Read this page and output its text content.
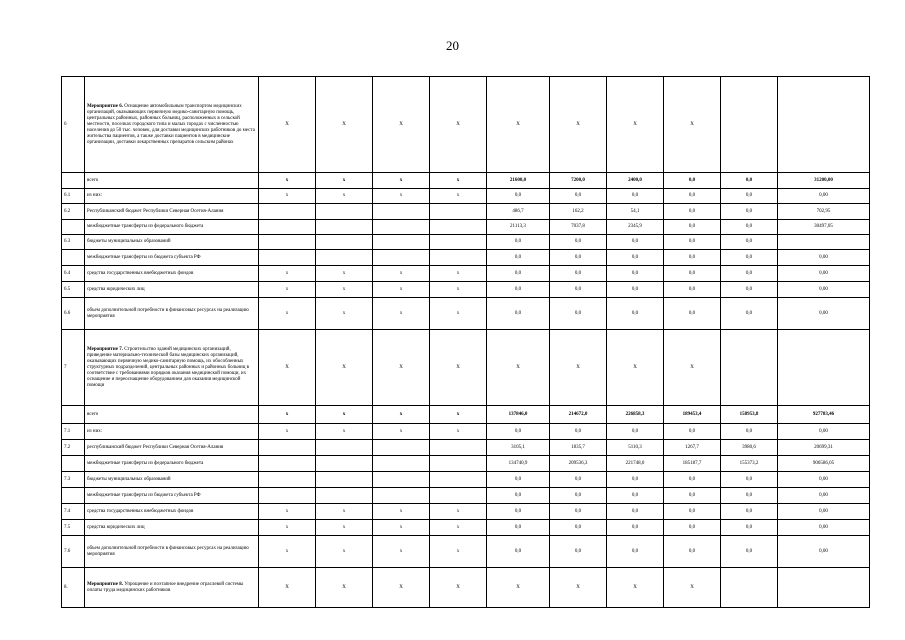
20
6	Мероприятие 6. Оснащение автомобильным транспортом медицинских организаций, оказывающих первичную медико-санитарную помощь, центральных районных, районных больниц, расположенных в сельской местности, поселках городского типа и малых городах с численностью населения до 50 тыс. человек, для доставки медицинских работников до места жительства пациентов, а также доставки пациентов в медицинские организации, доставки лекарственных препаратов сельским районах	X	X	X	X	X	X	X	X		
	всего	х	х	х	х	21600,0	7200,0	2400,0	0,0	0,0	31200,00
6.1	из них:	х	х	х	х	0,0	0,0	0,0	0,0	0,0	0,00
6.2	Республиканский бюджет Республики Северная Осетия-Алания					486,7	162,2	54,1	0,0	0,0	702,95
	межбюджетные трансферты из федерального бюджета					21113,3	7037,8	2345,9	0,0	0,0	30497,05
6.3	бюджеты муниципальных образований					0,0	0,0	0,0	0,0	0,0	
	межбюджетные трансферты из бюджета субъекта РФ					0,0	0,0	0,0	0,0	0,0	0,00
6.4	средства государственных внебюджетных фондов	х	х	х	х	0,0	0,0	0,0	0,0	0,0	0,00
6.5	средства юридических лиц	х	х	х	х	0,0	0,0	0,0	0,0	0,0	0,00
6.6	объем дополнительной потребности в финансовых ресурсах на реализацию мероприятия	х	х	х	х	0,0	0,0	0,0	0,0	0,0	0,00
7	Мероприятие 7. Строительство зданий медицинских организаций, приведение материально-технической базы медицинских организаций, оказывающих первичную медико-санитарную помощь, их обособленных структурных подразделений, центральных районных и районных больниц в соответствие с требованиями порядков оказания медицинской помощи, их оснащение и переоснащение оборудованием для оказания медицинской помощи	X	X	X	X	X	X	X	X		
	всего	х	х	х	х	137846,0	214672,0	226858,3	189453,4	158953,8	927783,46
7.1	из них:	х	х	х	х	0,0	0,0	0,0	0,0	0,0	0,00
7.2	республиканский бюджет Республики Северная Осетия-Алания					3105,1	1835,7	5110,3	1267,7	3980,6	20699,31
	межбюджетные трансферты из федерального бюджета					134740,9	209536,3	221748,0	185187,7	155373,2	906586,05
7.3	бюджеты муниципальных образований					0,0	0,0	0,0	0,0	0,0	0,00
	межбюджетные трансферты из бюджета субъекта РФ					0,0	0,0	0,0	0,0	0,0	0,00
7.4	средства государственных внебюджетных фондов	х	х	х	х	0,0	0,0	0,0	0,0	0,0	0,00
7.5	средства юридических лиц	х	х	х	х	0,0	0,0	0,0	0,0	0,0	0,00
7.6	объем дополнительной потребности в финансовых ресурсах на реализацию мероприятия	х	х	х	х	0,0	0,0	0,0	0,0	0,0	0,00
8.	Мероприятие 8. Упрощение и поэтапное внедрение отраслевой системы оплаты труда медицинских работников	X	X	X	X	X	X	X	X		
